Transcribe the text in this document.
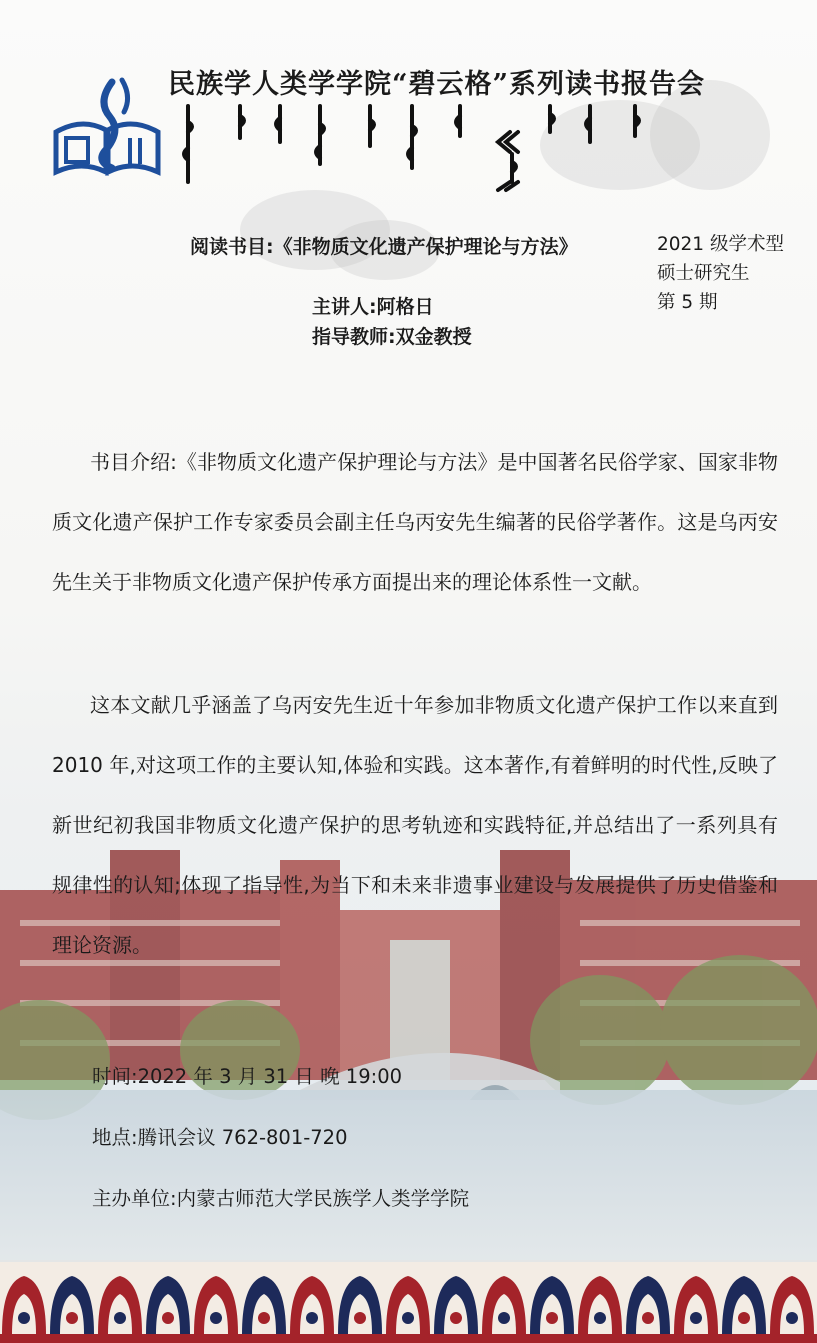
民族学人类学学院“碧云格”系列读书报告会
阅读书目:《非物质文化遗产保护理论与方法》
主讲人:阿格日
指导教师:双金教授
2021 级学术型
硕士研究生
第 5 期

书目介绍:《非物质文化遗产保护理论与方法》是中国著名民俗学家、国家非物质文化遗产保护工作专家委员会副主任乌丙安先生编著的民俗学著作。这是乌丙安先生关于非物质文化遗产保护传承方面提出来的理论体系性一文献。

这本文献几乎涵盖了乌丙安先生近十年参加非物质文化遗产保护工作以来直到 2010 年,对这项工作的主要认知,体验和实践。这本著作,有着鲜明的时代性,反映了新世纪初我国非物质文化遗产保护的思考轨迹和实践特征,并总结出了一系列具有规律性的认知;体现了指导性,为当下和未来非遗事业建设与发展提供了历史借鉴和理论资源。

时间:2022 年 3 月 31 日 晚 19:00
地点:腾讯会议 762-801-720
主办单位:内蒙古师范大学民族学人类学学院
